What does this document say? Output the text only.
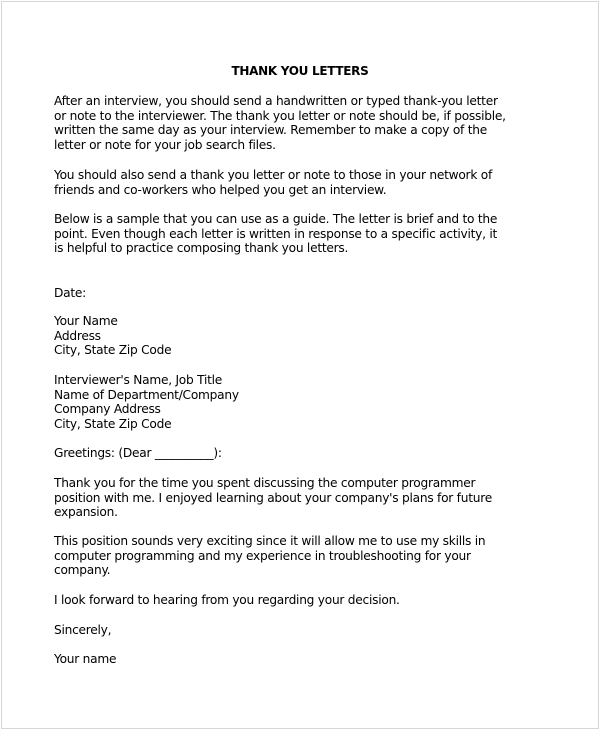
THANK YOU LETTERS
After an interview, you should send a handwritten or typed thank-you letter
or note to the interviewer. The thank you letter or note should be, if possible,
written the same day as your interview. Remember to make a copy of the
letter or note for your job search files.
You should also send a thank you letter or note to those in your network of
friends and co-workers who helped you get an interview.
Below is a sample that you can use as a guide. The letter is brief and to the
point. Even though each letter is written in response to a specific activity, it
is helpful to practice composing thank you letters.
Date:
Your Name
Address
City, State Zip Code
Interviewer's Name, Job Title
Name of Department/Company
Company Address
City, State Zip Code
Greetings: (Dear __________):
Thank you for the time you spent discussing the computer programmer
position with me. I enjoyed learning about your company's plans for future
expansion.
This position sounds very exciting since it will allow me to use my skills in
computer programming and my experience in troubleshooting for your
company.
I look forward to hearing from you regarding your decision.
Sincerely,
Your name
